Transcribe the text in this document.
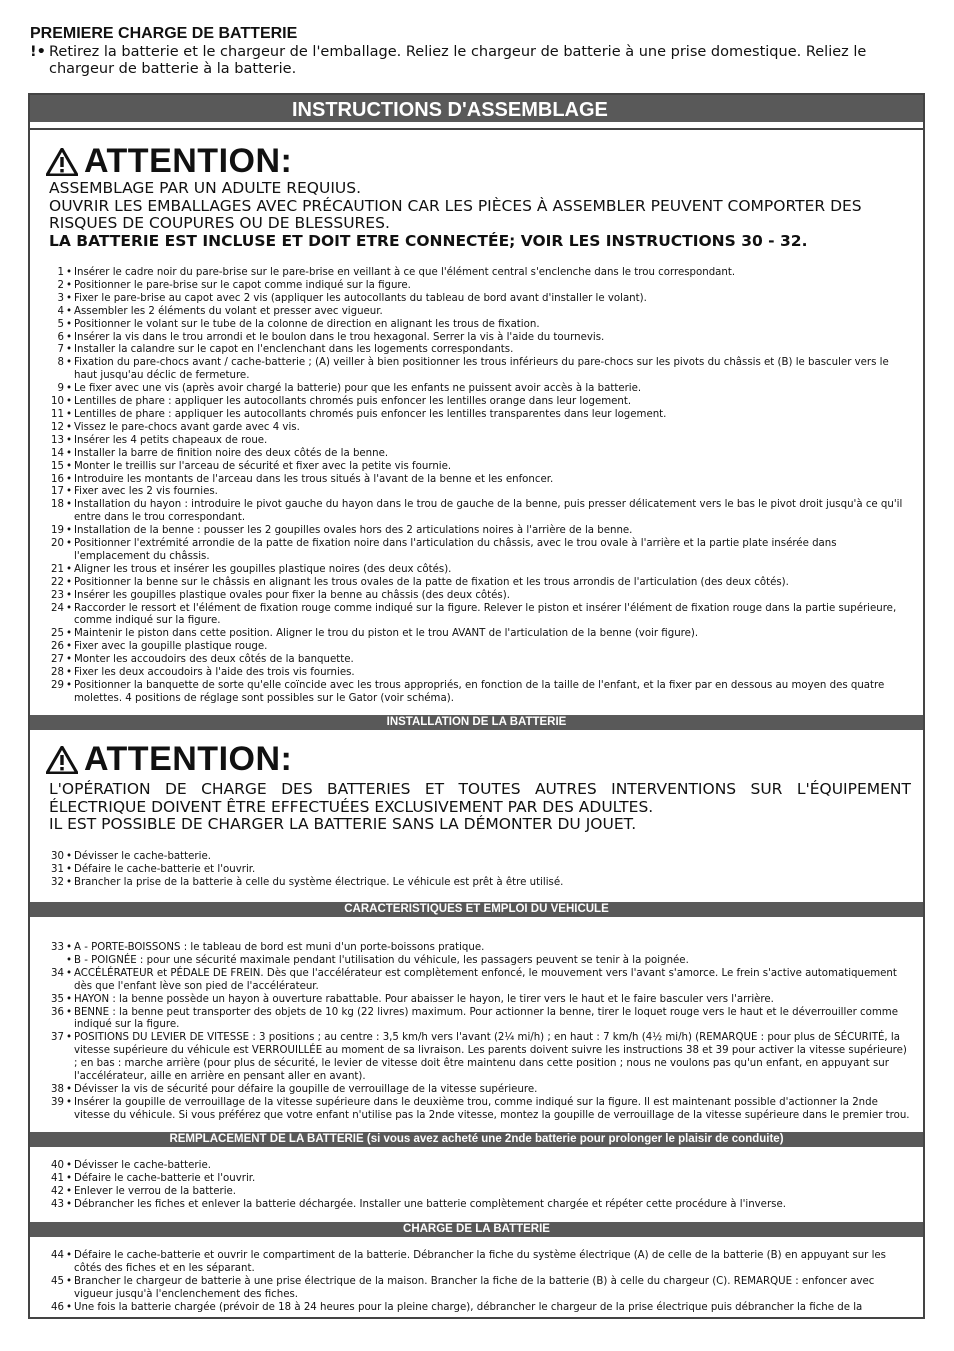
PREMIERE CHARGE DE BATTERIE
!• Retirez la batterie et le chargeur de l'emballage. Reliez le chargeur de batterie à une prise domestique. Reliez le chargeur de batterie à la batterie.
INSTRUCTIONS D'ASSEMBLAGE
ATTENTION:
ASSEMBLAGE PAR UN ADULTE REQUIUS.
OUVRIR LES EMBALLAGES AVEC PRÉCAUTION CAR LES PIÈCES À ASSEMBLER PEUVENT COMPORTER DES RISQUES DE COUPURES OU DE BLESSURES.
LA BATTERIE EST INCLUSE ET DOIT ETRE CONNECTÉE; VOIR LES INSTRUCTIONS 30 - 32.
1 • Insérer le cadre noir du pare-brise sur le pare-brise en veillant à ce que l'élément central s'enclenche dans le trou correspondant.
2 • Positionner le pare-brise sur le capot comme indiqué sur la figure.
3 • Fixer le pare-brise au capot avec 2 vis (appliquer les autocollants du tableau de bord avant d'installer le volant).
4 • Assembler les 2 éléments du volant et presser avec vigueur.
5 • Positionner le volant sur le tube de la colonne de direction en alignant les trous de fixation.
6 • Insérer la vis dans le trou arrondi et le boulon dans le trou hexagonal. Serrer la vis à l'aide du tournevis.
7 • Installer la calandre sur le capot en l'enclenchant dans les logements correspondants.
8 • Fixation du pare-chocs avant / cache-batterie ; (A) veiller à bien positionner les trous inférieurs du pare-chocs sur les pivots du châssis et (B) le basculer vers le haut jusqu'au déclic de fermeture.
9 • Le fixer avec une vis (après avoir chargé la batterie) pour que les enfants ne puissent avoir accès à la batterie.
10 • Lentilles de phare : appliquer les autocollants chromés puis enfoncer les lentilles orange dans leur logement.
11 • Lentilles de phare : appliquer les autocollants chromés puis enfoncer les lentilles transparentes dans leur logement.
12 • Vissez le pare-chocs avant garde avec 4 vis.
13 • Insérer les 4 petits chapeaux de roue.
14 • Installer la barre de finition noire des deux côtés de la benne.
15 • Monter le treillis sur l'arceau de sécurité et fixer avec la petite vis fournie.
16 • Introduire les montants de l'arceau dans les trous situés à l'avant de la benne et les enfoncer.
17 • Fixer avec les 2 vis fournies.
18 • Installation du hayon : introduire le pivot gauche du hayon dans le trou de gauche de la benne, puis presser délicatement vers le bas le pivot droit jusqu'à ce qu'il entre dans le trou correspondant.
19 • Installation de la benne : pousser les 2 goupilles ovales hors des 2 articulations noires à l'arrière de la benne.
20 • Positionner l'extrémité arrondie de la patte de fixation noire dans l'articulation du châssis, avec le trou ovale à l'arrière et la partie plate insérée dans l'emplacement du châssis.
21 • Aligner les trous et insérer les goupilles plastique noires (des deux côtés).
22 • Positionner la benne sur le châssis en alignant les trous ovales de la patte de fixation et les trous arrondis de l'articulation (des deux côtés).
23 • Insérer les goupilles plastique ovales pour fixer la benne au châssis (des deux côtés).
24 • Raccorder le ressort et l'élément de fixation rouge comme indiqué sur la figure. Relever le piston et insérer l'élément de fixation rouge dans la partie supérieure, comme indiqué sur la figure.
25 • Maintenir le piston dans cette position. Aligner le trou du piston et le trou AVANT de l'articulation de la benne (voir figure).
26 • Fixer avec la goupille plastique rouge.
27 • Monter les accoudoirs des deux côtés de la banquette.
28 • Fixer les deux accoudoirs à l'aide des trois vis fournies.
29 • Positionner la banquette de sorte qu'elle coïncide avec les trous appropriés, en fonction de la taille de l'enfant, et la fixer par en dessous au moyen des quatre molettes. 4 positions de réglage sont possibles sur le Gator (voir schéma).
INSTALLATION DE LA BATTERIE
ATTENTION:
L'OPÉRATION DE CHARGE DES BATTERIES ET TOUTES AUTRES INTERVENTIONS SUR L'ÉQUIPEMENT ÉLECTRIQUE DOIVENT ÊTRE EFFECTUÉES EXCLUSIVEMENT PAR DES ADULTES.
IL EST POSSIBLE DE CHARGER LA BATTERIE SANS LA DÉMONTER DU JOUET.
30 • Dévisser le cache-batterie.
31 • Défaire le cache-batterie et l'ouvrir.
32 • Brancher la prise de la batterie à celle du système électrique. Le véhicule est prêt à être utilisé.
CARACTERISTIQUES ET EMPLOI DU VEHICULE
33 • A - PORTE-BOISSONS : le tableau de bord est muni d'un porte-boissons pratique.
• B - POIGNÉE : pour une sécurité maximale pendant l'utilisation du véhicule, les passagers peuvent se tenir à la poignée.
34 • ACCÉLÉRATEUR et PÉDALE DE FREIN. Dès que l'accélérateur est complètement enfoncé, le mouvement vers l'avant s'amorce. Le frein s'active automatiquement dès que l'enfant lève son pied de l'accélérateur.
35 • HAYON : la benne possède un hayon à ouverture rabattable. Pour abaisser le hayon, le tirer vers le haut et le faire basculer vers l'arrière.
36 • BENNE : la benne peut transporter des objets de 10 kg (22 livres) maximum. Pour actionner la benne, tirer le loquet rouge vers le haut et le déverrouiller comme indiqué sur la figure.
37 • POSITIONS DU LEVIER DE VITESSE : 3 positions ; au centre : 3,5 km/h vers l'avant (2¼ mi/h) ; en haut : 7 km/h (4½ mi/h) (REMARQUE : pour plus de SÉCURITÉ, la vitesse supérieure du véhicule est VERROUILLÉE au moment de sa livraison. Les parents doivent suivre les instructions 38 et 39 pour activer la vitesse supérieure) ; en bas : marche arrière (pour plus de sécurité, le levier de vitesse doit être maintenu dans cette position ; nous ne voulons pas qu'un enfant, en appuyant sur l'accélérateur, aille en arrière en pensant aller en avant).
38 • Dévisser la vis de sécurité pour défaire la goupille de verrouillage de la vitesse supérieure.
39 • Insérer la goupille de verrouillage de la vitesse supérieure dans le deuxième trou, comme indiqué sur la figure. Il est maintenant possible d'actionner la 2nde vitesse du véhicule. Si vous préférez que votre enfant n'utilise pas la 2nde vitesse, montez la goupille de verrouillage de la vitesse supérieure dans le premier trou.
REMPLACEMENT DE LA BATTERIE (si vous avez acheté une 2nde batterie pour prolonger le plaisir de conduite)
40 • Dévisser le cache-batterie.
41 • Défaire le cache-batterie et l'ouvrir.
42 • Enlever le verrou de la batterie.
43 • Débrancher les fiches et enlever la batterie déchargée. Installer une batterie complètement chargée et répéter cette procédure à l'inverse.
CHARGE DE LA BATTERIE
44 • Défaire le cache-batterie et ouvrir le compartiment de la batterie. Débrancher la fiche du système électrique (A) de celle de la batterie (B) en appuyant sur les côtés des fiches et en les séparant.
45 • Brancher le chargeur de batterie à une prise électrique de la maison. Brancher la fiche de la batterie (B) à celle du chargeur (C). REMARQUE : enfoncer avec vigueur jusqu'à l'enclenchement des fiches.
46 • Une fois la batterie chargée (prévoir de 18 à 24 heures pour la pleine charge), débrancher le chargeur de la prise électrique puis débrancher la fiche de la
